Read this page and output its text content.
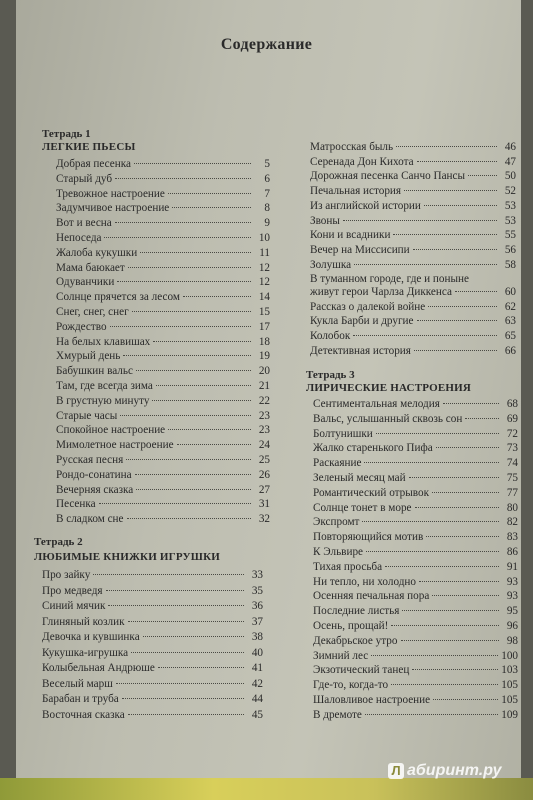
Содержание
Тетрадь 1
ЛЕГКИЕ ПЬЕСЫ
Добрая песенка	5
Старый дуб	6
Тревожное настроение	7
Задумчивое настроение	8
Вот и весна	9
Непоседа	10
Жалоба кукушки	11
Мама баюкает	12
Одуванчики	12
Солнце прячется за лесом	14
Снег, снег, снег	15
Рождество	17
На белых клавишах	18
Хмурый день	19
Бабушкин вальс	20
Там, где всегда зима	21
В грустную минуту	22
Старые часы	23
Спокойное настроение	23
Мимолетное настроение	24
Русская песня	25
Рондо-сонатина	26
Вечерняя сказка	27
Песенка	31
В сладком сне	32
Тетрадь 2
ЛЮБИМЫЕ КНИЖКИ ИГРУШКИ
Про зайку	33
Про медведя	35
Синий мячик	36
Глиняный козлик	37
Девочка и кувшинка	38
Кукушка-игрушка	40
Колыбельная Андрюше	41
Веселый марш	42
Барабан и труба	44
Восточная сказка	45
Матросская быль	46
Серенада Дон Кихота	47
Дорожная песенка Санчо Пансы	50
Печальная история	52
Из английской истории	53
Звоны	53
Кони и всадники	55
Вечер на Миссисипи	56
Золушка	58
В туманном городе, где и поныне
живут герои Чарлза Диккенса	60
Рассказ о далекой войне	62
Кукла Барби и другие	63
Колобок	65
Детективная история	66
Тетрадь 3
ЛИРИЧЕСКИЕ НАСТРОЕНИЯ
Сентиментальная мелодия	68
Вальс, услышанный сквозь сон	69
Болтунишки	72
Жалко старенького Пифа	73
Раскаяние	74
Зеленый месяц май	75
Романтический отрывок	77
Солнце тонет в море	80
Экспромт	82
Повторяющийся мотив	83
К Эльвире	86
Тихая просьба	91
Ни тепло, ни холодно	93
Осенняя печальная пора	93
Последние листья	95
Осень, прощай!	96
Декабрьское утро	98
Зимний лес	100
Экзотический танец	103
Где-то, когда-то	105
Шаловливое настроение	105
В дремоте	109
Л абиринт.ру
